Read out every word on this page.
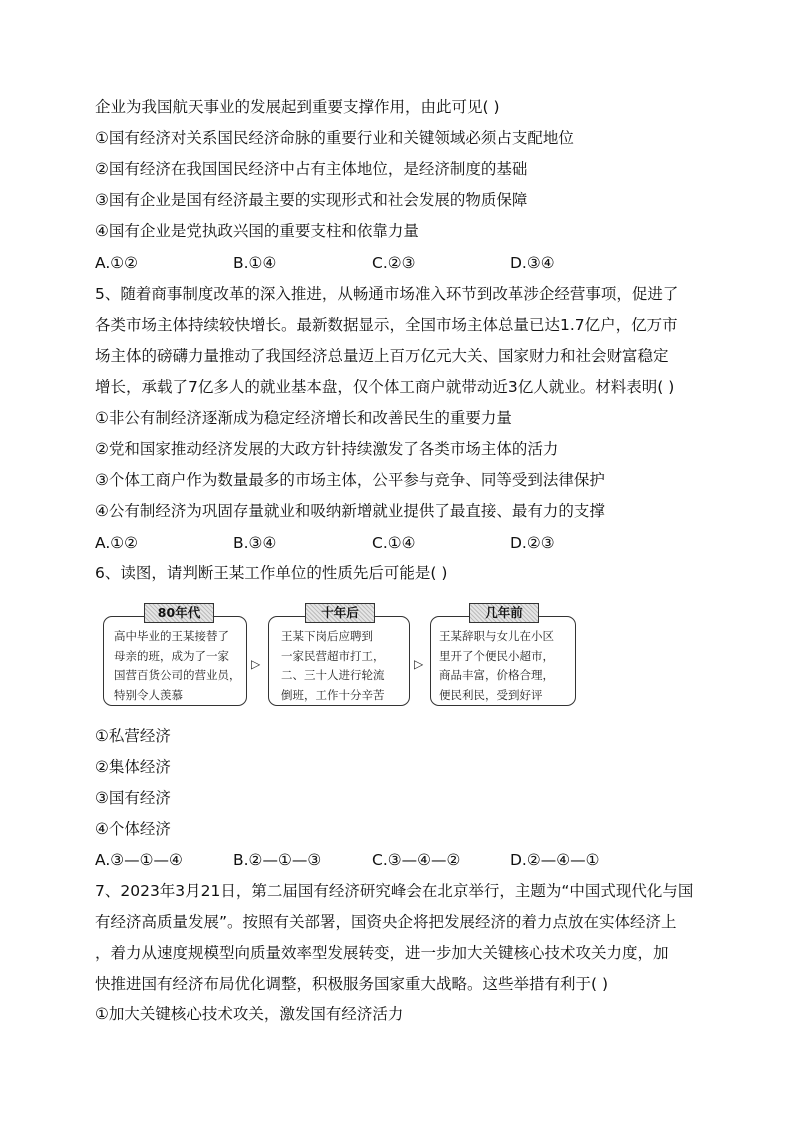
企业为我国航天事业的发展起到重要支撑作用，由此可见( )
①国有经济对关系国民经济命脉的重要行业和关键领域必须占支配地位
②国有经济在我国国民经济中占有主体地位，是经济制度的基础
③国有企业是国有经济最主要的实现形式和社会发展的物质保障
④国有企业是党执政兴国的重要支柱和依靠力量
A.①②	B.①④	C.②③	D.③④
5、随着商事制度改革的深入推进，从畅通市场准入环节到改革涉企经营事项，促进了
各类市场主体持续较快增长。最新数据显示，全国市场主体总量已达1.7亿户，亿万市
场主体的磅礴力量推动了我国经济总量迈上百万亿元大关、国家财力和社会财富稳定
增长，承载了7亿多人的就业基本盘，仅个体工商户就带动近3亿人就业。材料表明( )
①非公有制经济逐渐成为稳定经济增长和改善民生的重要力量
②党和国家推动经济发展的大政方针持续激发了各类市场主体的活力
③个体工商户作为数量最多的市场主体，公平参与竞争、同等受到法律保护
④公有制经济为巩固存量就业和吸纳新增就业提供了最直接、最有力的支撑
A.①②	B.③④	C.①④	D.②③
6、读图，请判断王某工作单位的性质先后可能是( )
80年代
高中毕业的王某接替了
母亲的班，成为了一家
国营百货公司的营业员，
特别令人羡慕
▷
十年后
王某下岗后应聘到
一家民营超市打工，
二、三十人进行轮流
倒班，工作十分辛苦
▷
几年前
王某辞职与女儿在小区
里开了个便民小超市，
商品丰富，价格合理，
便民利民，受到好评
①私营经济
②集体经济
③国有经济
④个体经济
A.③—①—④	B.②—①—③	C.③—④—②	D.②—④—①
7、2023年3月21日，第二届国有经济研究峰会在北京举行，主题为“中国式现代化与国
有经济高质量发展”。按照有关部署，国资央企将把发展经济的着力点放在实体经济上
，着力从速度规模型向质量效率型发展转变，进一步加大关键核心技术攻关力度，加
快推进国有经济布局优化调整，积极服务国家重大战略。这些举措有利于( )
①加大关键核心技术攻关，激发国有经济活力
